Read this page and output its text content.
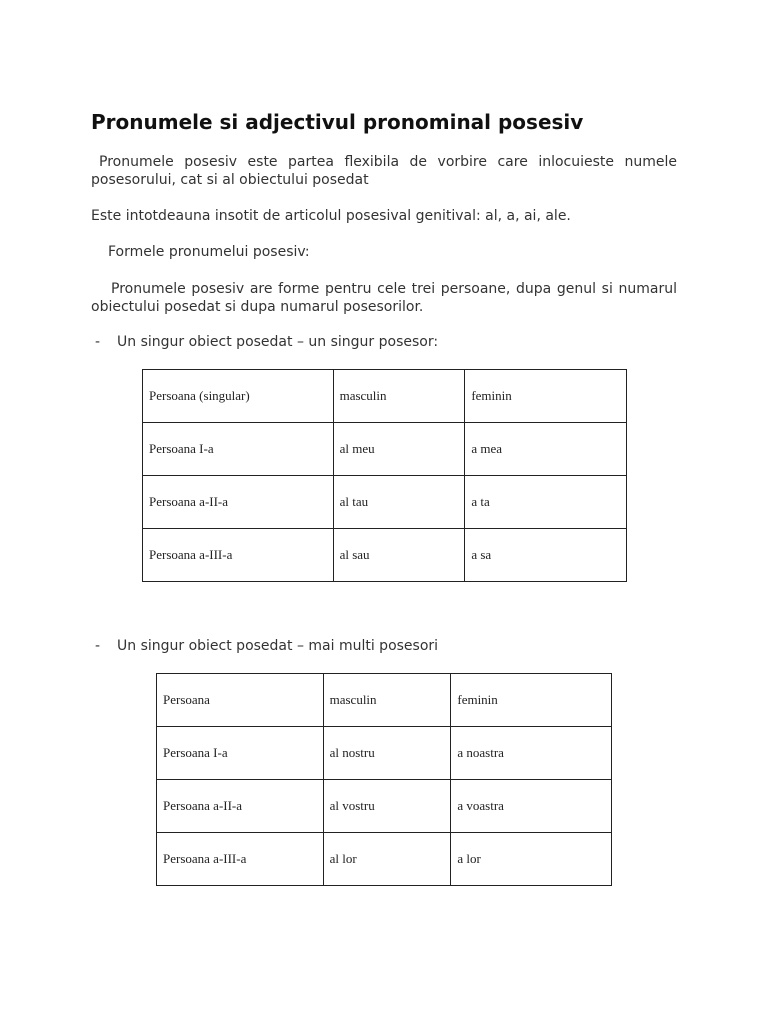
Pronumele si adjectivul pronominal posesiv

Pronumele posesiv este partea flexibila de vorbire care inlocuieste numele posesorului, cat si al obiectului posedat

Este intotdeauna insotit de articolul posesival genitival: al, a, ai, ale.

Formele pronumelui posesiv:

Pronumele posesiv are forme pentru cele trei persoane, dupa genul si numarul obiectului posedat si dupa numarul posesorilor.

- Un singur obiect posedat – un singur posesor:
Persoana (singular)	masculin	feminin
Persoana I-a	al meu	a mea
Persoana a-II-a	al tau	a ta
Persoana a-III-a	al sau	a sa
- Un singur obiect posedat – mai multi posesori
Persoana	masculin	feminin
Persoana I-a	al nostru	a noastra
Persoana a-II-a	al vostru	a voastra
Persoana a-III-a	al lor	a lor
